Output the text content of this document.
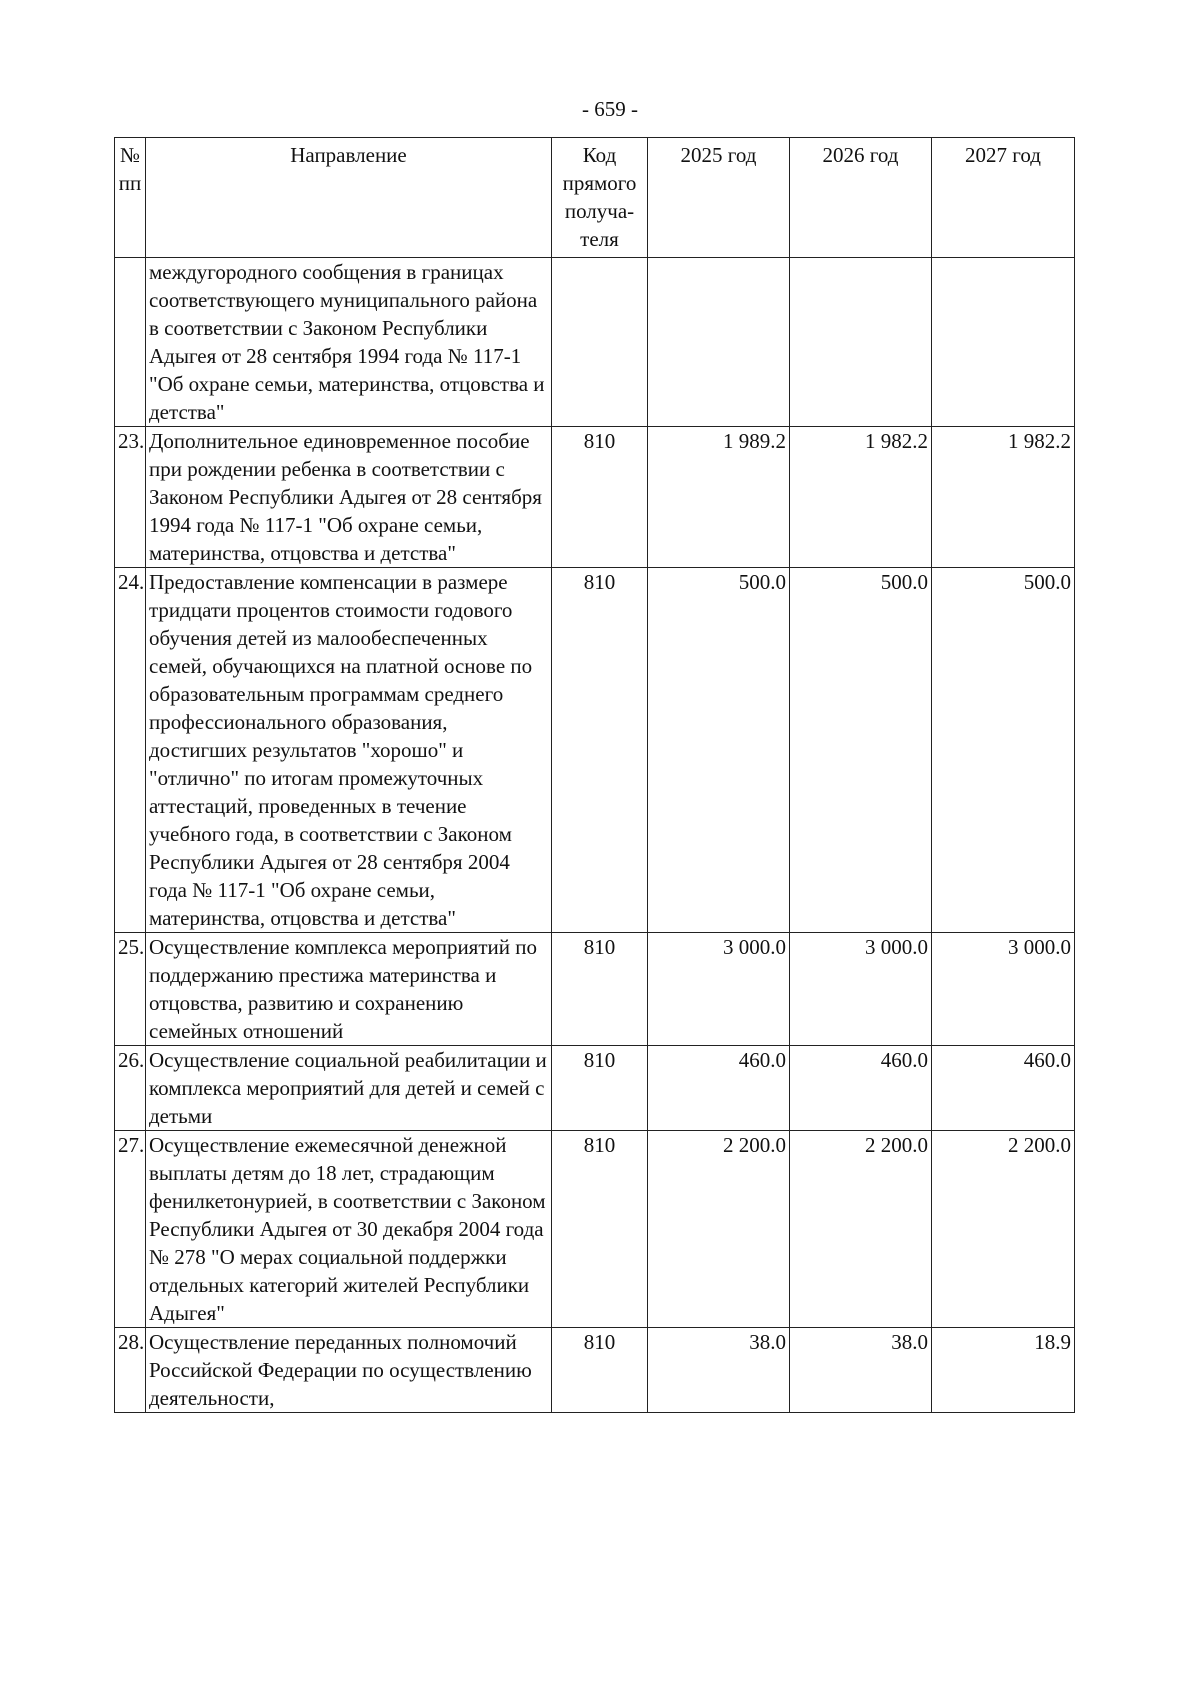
- 659 -
№ пп	Направление	Код прямого получа-теля	2025 год	2026 год	2027 год
	междугородного сообщения в границах соответствующего муниципального района в соответствии с Законом Республики Адыгея от 28 сентября 1994 года № 117-1 "Об охране семьи, материнства, отцовства и детства"				
23.	Дополнительное единовременное пособие при рождении ребенка в соответствии с Законом Республики Адыгея от 28 сентября 1994 года № 117-1 "Об охране семьи, материнства, отцовства и детства"	810	1 989.2	1 982.2	1 982.2
24.	Предоставление компенсации в размере тридцати процентов стоимости годового обучения детей из малообеспеченных семей, обучающихся на платной основе по образовательным программам среднего профессионального образования, достигших результатов "хорошо" и "отлично" по итогам промежуточных аттестаций, проведенных в течение учебного года, в соответствии с Законом Республики Адыгея от 28 сентября 2004 года № 117-1 "Об охране семьи, материнства, отцовства и детства"	810	500.0	500.0	500.0
25.	Осуществление комплекса мероприятий по поддержанию престижа материнства и отцовства, развитию и сохранению семейных отношений	810	3 000.0	3 000.0	3 000.0
26.	Осуществление социальной реабилитации и комплекса мероприятий для детей и семей с детьми	810	460.0	460.0	460.0
27.	Осуществление ежемесячной денежной выплаты детям до 18 лет, страдающим фенилкетонурией, в соответствии с Законом Республики Адыгея от 30 декабря 2004 года № 278 "О мерах социальной поддержки отдельных категорий жителей Республики Адыгея"	810	2 200.0	2 200.0	2 200.0
28.	Осуществление переданных полномочий Российской Федерации по осуществлению деятельности,	810	38.0	38.0	18.9
